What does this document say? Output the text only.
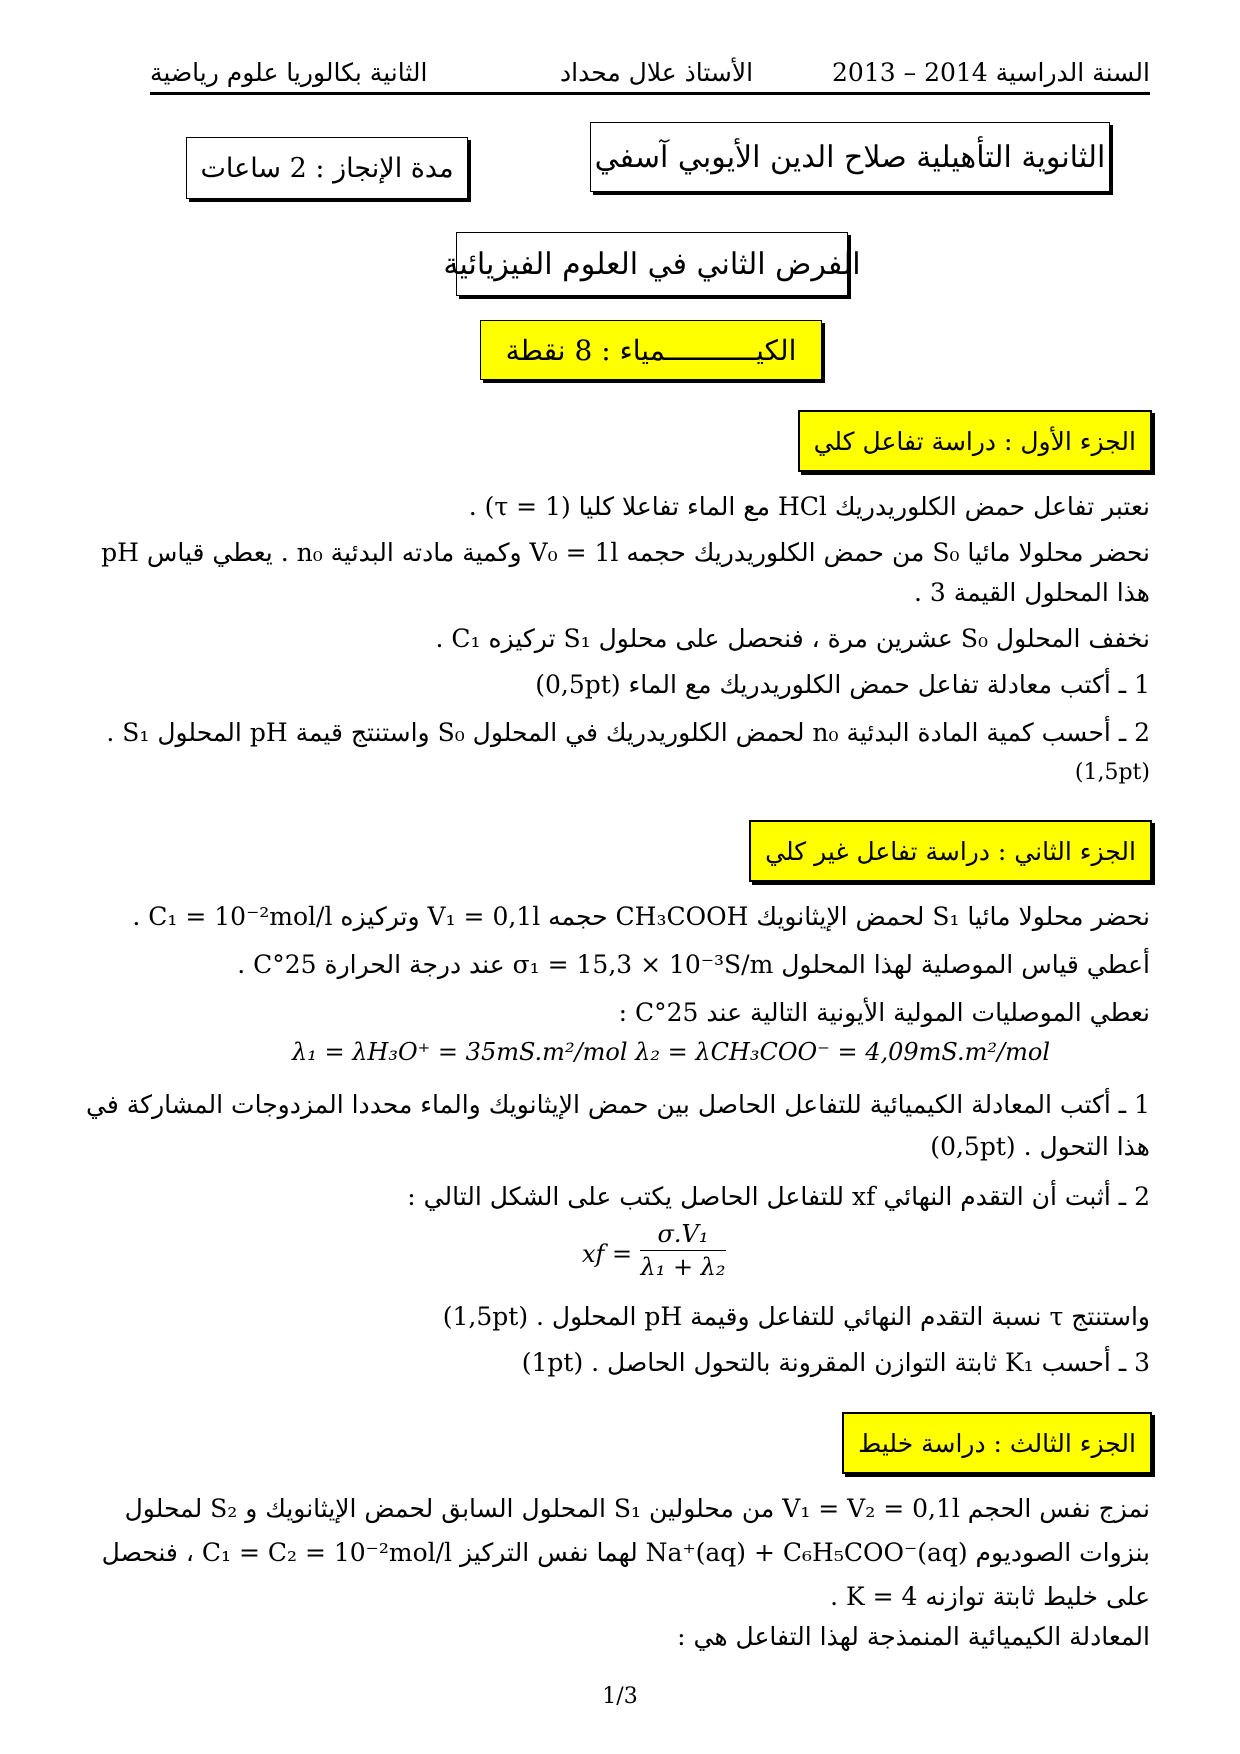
السنة الدراسية 2014 – 2013
الأستاذ علال محداد
الثانية بكالوريا علوم رياضية
الثانوية التأهيلية صلاح الدين الأيوبي آسفي
مدة الإنجاز : 2 ساعات
الفرض الثاني في العلوم الفيزيائية
الكيـــــــــــمياء : 8 نقطة
الجزء الأول : دراسة تفاعل كلي
نعتبر تفاعل حمض الكلوريدريك HCl مع الماء تفاعلا كليا (τ = 1) .
نحضر محلولا مائيا S₀ من حمض الكلوريدريك حجمه V₀ = 1l وكمية مادته البدئية n₀ . يعطي قياس pH
هذا المحلول القيمة 3 .
نخفف المحلول S₀ عشرين مرة ، فنحصل على محلول S₁ تركيزه C₁ .
1 ـ أكتب معادلة تفاعل حمض الكلوريدريك مع الماء (0,5pt)
2 ـ أحسب كمية المادة البدئية n₀ لحمض الكلوريدريك في المحلول S₀ واستنتج قيمة pH المحلول S₁ .
(1,5pt)
الجزء الثاني : دراسة تفاعل غير كلي
نحضر محلولا مائيا S₁ لحمض الإيثانويك CH₃COOH حجمه V₁ = 0,1l وتركيزه C₁ = 10⁻²mol/l .
أعطي قياس الموصلية لهذا المحلول σ₁ = 15,3 × 10⁻³S/m عند درجة الحرارة 25°C .
نعطي الموصليات المولية الأيونية التالية عند 25°C :
λ₁ = λH₃O⁺ = 35mS.m²/mol λ₂ = λCH₃COO⁻ = 4,09mS.m²/mol
1 ـ أكتب المعادلة الكيميائية للتفاعل الحاصل بين حمض الإيثانويك والماء محددا المزدوجات المشاركة في
هذا التحول . (0,5pt)
2 ـ أثبت أن التقدم النهائي xf للتفاعل الحاصل يكتب على الشكل التالي :
xf =
σ.V₁
λ₁ + λ₂
واستنتج τ نسبة التقدم النهائي للتفاعل وقيمة pH المحلول . (1,5pt)
3 ـ أحسب K₁ ثابتة التوازن المقرونة بالتحول الحاصل . (1pt)
الجزء الثالث : دراسة خليط
نمزج نفس الحجم V₁ = V₂ = 0,1l من محلولين S₁ المحلول السابق لحمض الإيثانويك و S₂ لمحلول
بنزوات الصوديوم Na⁺(aq) + C₆H₅COO⁻(aq) لهما نفس التركيز C₁ = C₂ = 10⁻²mol/l ، فنحصل
على خليط ثابتة توازنه K = 4 .
المعادلة الكيميائية المنمذجة لهذا التفاعل هي :
1/3
